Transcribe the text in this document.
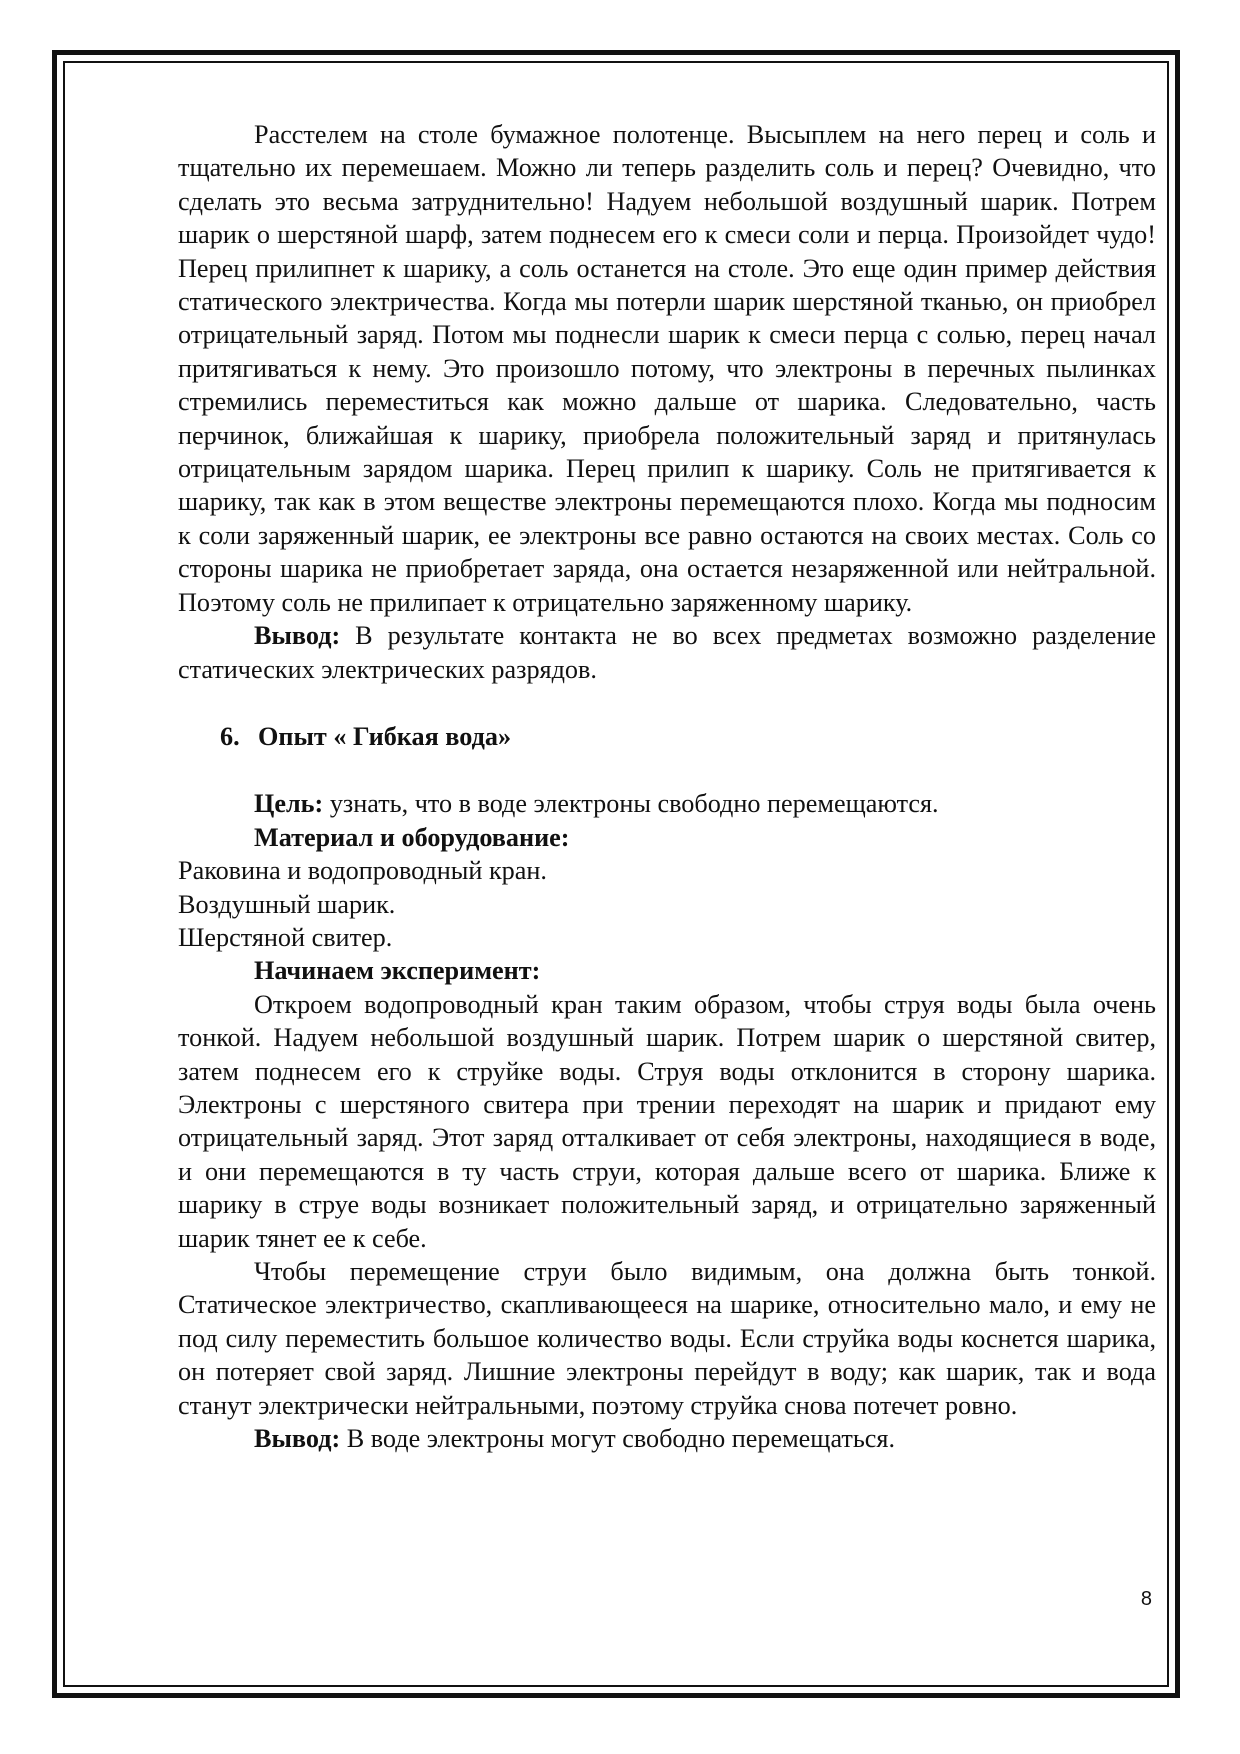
Расстелем на столе бумажное полотенце. Высыплем на него перец и соль и тщательно их перемешаем. Можно ли теперь разделить соль и перец? Очевидно, что сделать это весьма затруднительно! Надуем небольшой воздушный шарик. Потрем шарик о шерстяной шарф, затем поднесем его к смеси соли и перца. Произойдет чудо! Перец прилипнет к шарику, а соль останется на столе. Это еще один пример действия статического электричества. Когда мы потерли шарик шерстяной тканью, он приобрел отрицательный заряд. Потом мы поднесли шарик к смеси перца с солью, перец начал притягиваться к нему. Это произошло потому, что электроны в перечных пылинках стремились переместиться как можно дальше от шарика. Следовательно, часть перчинок, ближайшая к шарику, приобрела положительный заряд и притянулась отрицательным зарядом шарика. Перец прилип к шарику. Соль не притягивается к шарику, так как в этом веществе электроны перемещаются плохо. Когда мы подносим к соли заряженный шарик, ее электроны все равно остаются на своих местах. Соль со стороны шарика не приобретает заряда, она остается незаряженной или нейтральной. Поэтому соль не прилипает к отрицательно заряженному шарику.

Вывод: В результате контакта не во всех предметах возможно разделение статических электрических разрядов.

6. Опыт « Гибкая вода»

Цель: узнать, что в воде электроны свободно перемещаются.

Материал и оборудование:

Раковина и водопроводный кран.

Воздушный шарик.

Шерстяной свитер.

Начинаем эксперимент:

Откроем водопроводный кран таким образом, чтобы струя воды была очень тонкой. Надуем небольшой воздушный шарик. Потрем шарик о шерстяной свитер, затем поднесем его к струйке воды. Струя воды отклонится в сторону шарика. Электроны с шерстяного свитера при трении переходят на шарик и придают ему отрицательный заряд. Этот заряд отталкивает от себя электроны, находящиеся в воде, и они перемещаются в ту часть струи, которая дальше всего от шарика. Ближе к шарику в струе воды возникает положительный заряд, и отрицательно заряженный шарик тянет ее к себе.

Чтобы перемещение струи было видимым, она должна быть тонкой. Статическое электричество, скапливающееся на шарике, относительно мало, и ему не под силу переместить большое количество воды. Если струйка воды коснется шарика, он потеряет свой заряд. Лишние электроны перейдут в воду; как шарик, так и вода станут электрически нейтральными, поэтому струйка снова потечет ровно.

Вывод: В воде электроны могут свободно перемещаться.

8
